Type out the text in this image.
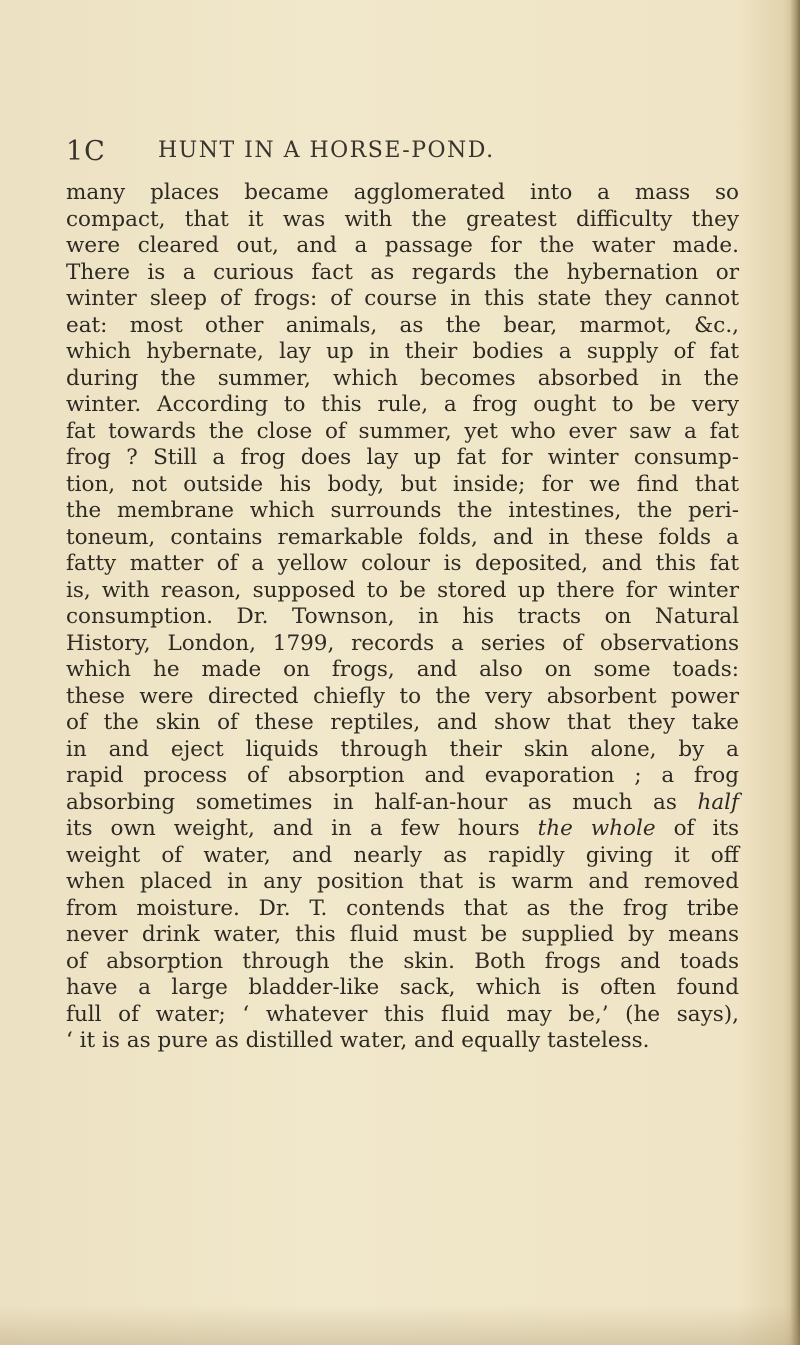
1C HUNT IN A HORSE-POND.
many places became agglomerated into a mass so
compact, that it was with the greatest difficulty they
were cleared out, and a passage for the water made.
There is a curious fact as regards the hybernation or
winter sleep of frogs: of course in this state they cannot
eat: most other animals, as the bear, marmot, &c.,
which hybernate, lay up in their bodies a supply of fat
during the summer, which becomes absorbed in the
winter. According to this rule, a frog ought to be very
fat towards the close of summer, yet who ever saw a fat
frog ? Still a frog does lay up fat for winter consump-
tion, not outside his body, but inside; for we find that
the membrane which surrounds the intestines, the peri-
toneum, contains remarkable folds, and in these folds a
fatty matter of a yellow colour is deposited, and this fat
is, with reason, supposed to be stored up there for winter
consumption. Dr. Townson, in his tracts on Natural
History, London, 1799, records a series of observations
which he made on frogs, and also on some toads:
these were directed chiefly to the very absorbent power
of the skin of these reptiles, and show that they take
in and eject liquids through their skin alone, by a
rapid process of absorption and evaporation ; a frog
absorbing sometimes in half-an-hour as much as half
its own weight, and in a few hours the whole of its
weight of water, and nearly as rapidly giving it off
when placed in any position that is warm and removed
from moisture. Dr. T. contends that as the frog tribe
never drink water, this fluid must be supplied by means
of absorption through the skin. Both frogs and toads
have a large bladder-like sack, which is often found
full of water; ‘ whatever this fluid may be,’ (he says),
‘ it is as pure as distilled water, and equally tasteless.
